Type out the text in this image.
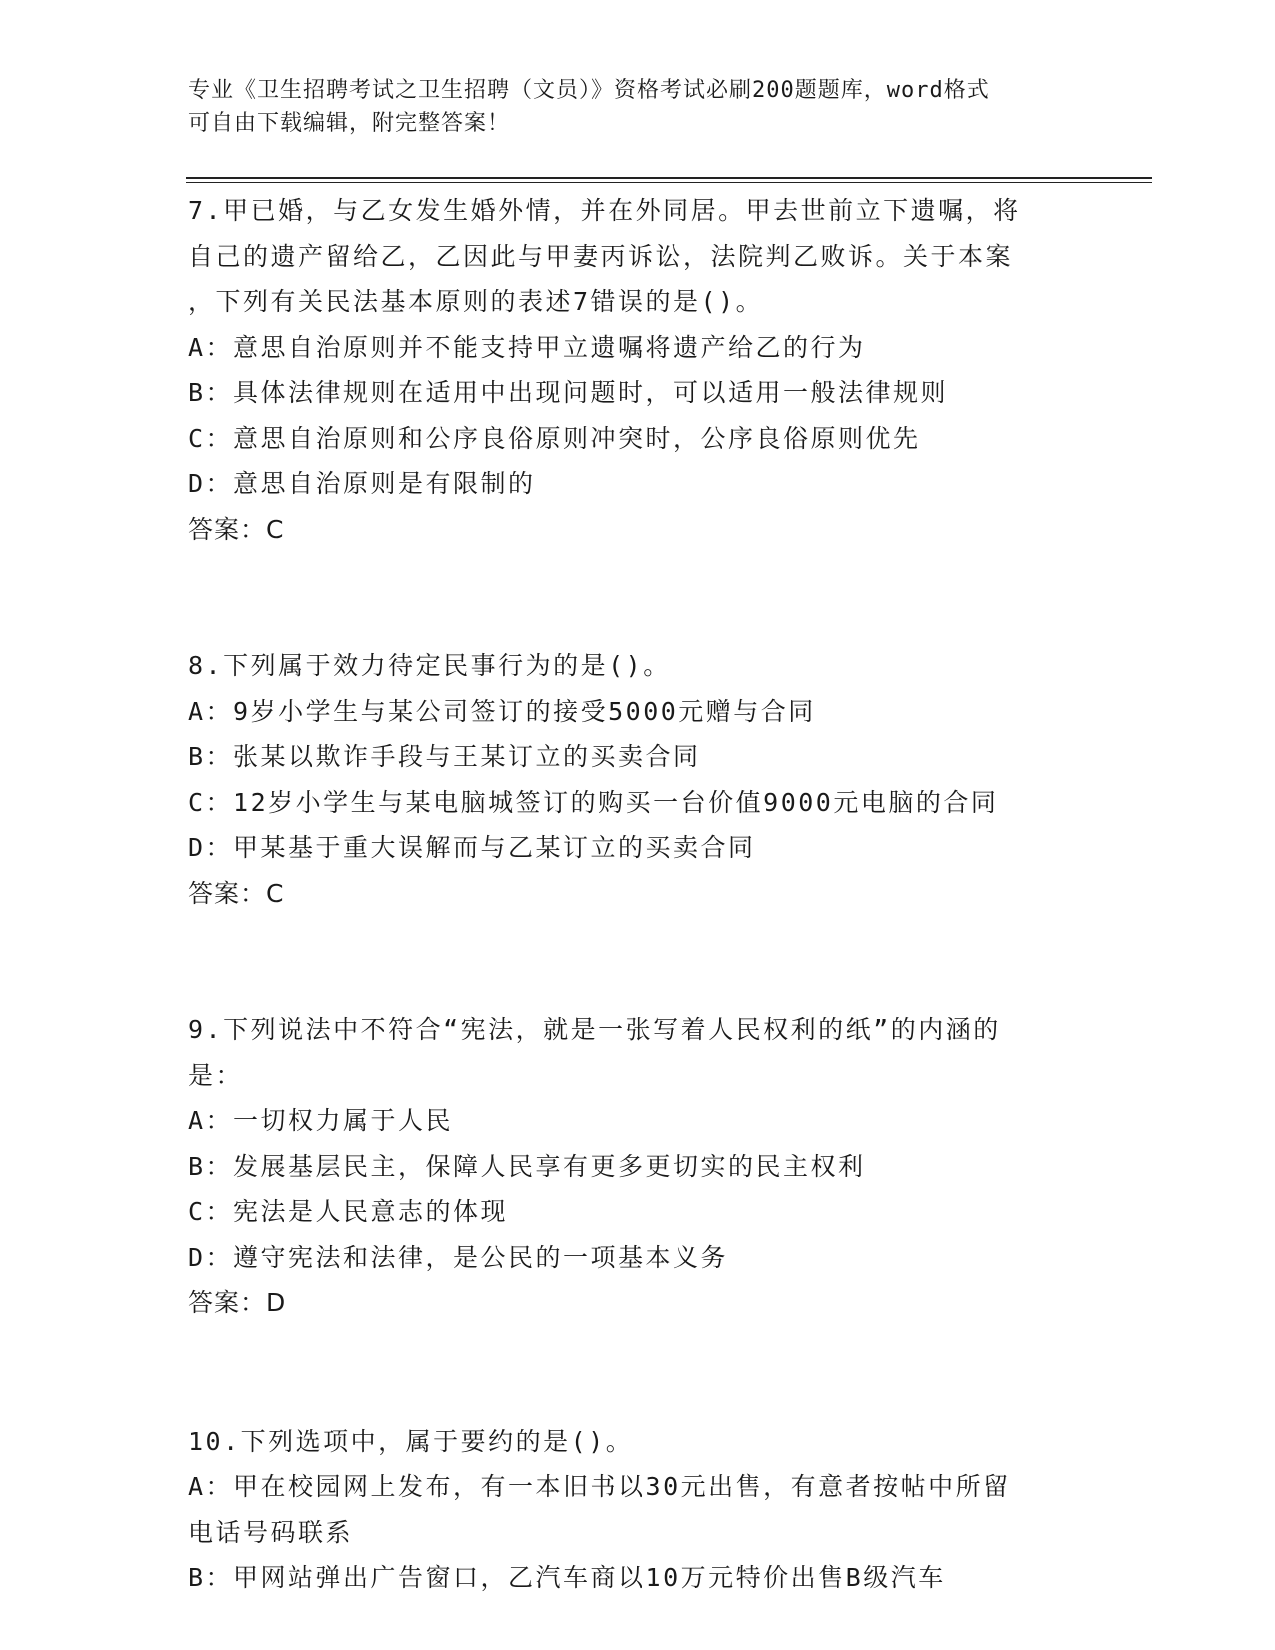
专业《卫生招聘考试之卫生招聘（文员）》资格考试必刷200题题库，word格式
可自由下载编辑，附完整答案！
7.甲已婚，与乙女发生婚外情，并在外同居。甲去世前立下遗嘱，将
自己的遗产留给乙，乙因此与甲妻丙诉讼，法院判乙败诉。关于本案
，下列有关民法基本原则的表述7错误的是()。
A：意思自治原则并不能支持甲立遗嘱将遗产给乙的行为
B：具体法律规则在适用中出现问题时，可以适用一般法律规则
C：意思自治原则和公序良俗原则冲突时，公序良俗原则优先
D：意思自治原则是有限制的
答案：C
8.下列属于效力待定民事行为的是()。
A：9岁小学生与某公司签订的接受5000元赠与合同
B：张某以欺诈手段与王某订立的买卖合同
C：12岁小学生与某电脑城签订的购买一台价值9000元电脑的合同
D：甲某基于重大误解而与乙某订立的买卖合同
答案：C
9.下列说法中不符合“宪法，就是一张写着人民权利的纸”的内涵的
是：
A：一切权力属于人民
B：发展基层民主，保障人民享有更多更切实的民主权利
C：宪法是人民意志的体现
D：遵守宪法和法律，是公民的一项基本义务
答案：D
10.下列选项中，属于要约的是()。
A：甲在校园网上发布，有一本旧书以30元出售，有意者按帖中所留
电话号码联系
B：甲网站弹出广告窗口，乙汽车商以10万元特价出售B级汽车
